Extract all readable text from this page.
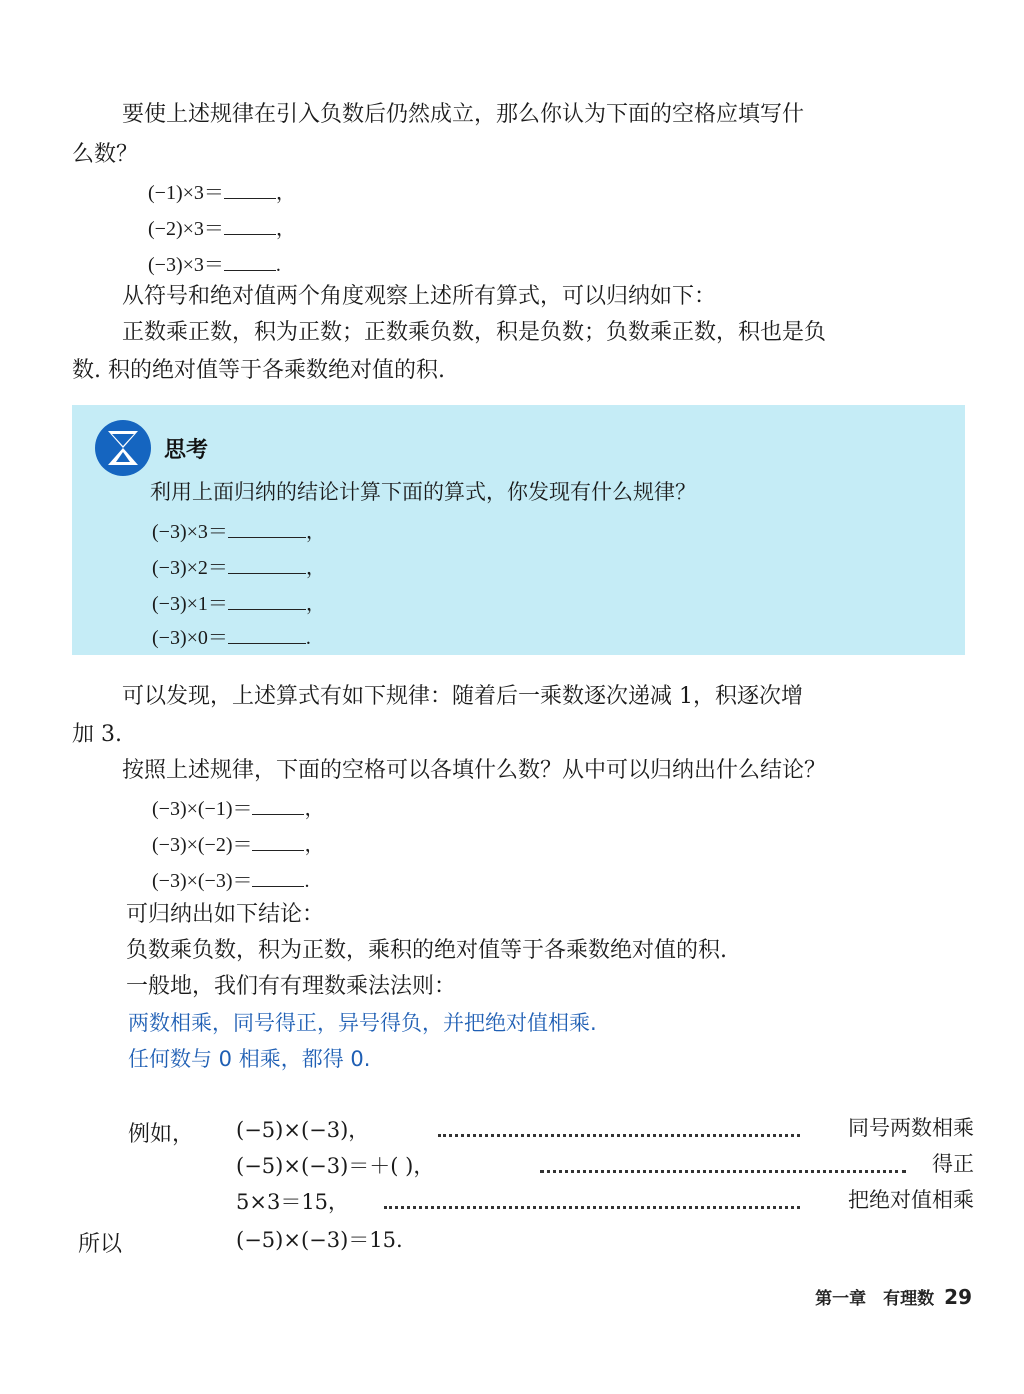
要使上述规律在引入负数后仍然成立，那么你认为下面的空格应填写什
么数？
(−1)×3＝	，
(−2)×3＝	，
(−3)×3＝	.
从符号和绝对值两个角度观察上述所有算式，可以归纳如下：
正数乘正数，积为正数；正数乘负数，积是负数；负数乘正数，积也是负
数. 积的绝对值等于各乘数绝对值的积.
思考
利用上面归纳的结论计算下面的算式，你发现有什么规律？
(−3)×3＝	，
(−3)×2＝	，
(−3)×1＝	，
(−3)×0＝	.
可以发现，上述算式有如下规律：随着后一乘数逐次递减 1，积逐次增
加 3.
按照上述规律，下面的空格可以各填什么数？从中可以归纳出什么结论？
(−3)×(−1)＝	，
(−3)×(−2)＝	，
(−3)×(−3)＝	.
可归纳出如下结论：
负数乘负数，积为正数，乘积的绝对值等于各乘数绝对值的积.
一般地，我们有有理数乘法法则：
两数相乘，同号得正，异号得负，并把绝对值相乘.
任何数与 0 相乘，都得 0.
例如， (−5)×(−3)，	同号两数相乘
(−5)×(−3)＝＋( )，	得正
5×3＝15，	把绝对值相乘
所以	(−5)×(−3)＝15.
第一章　有理数 29
